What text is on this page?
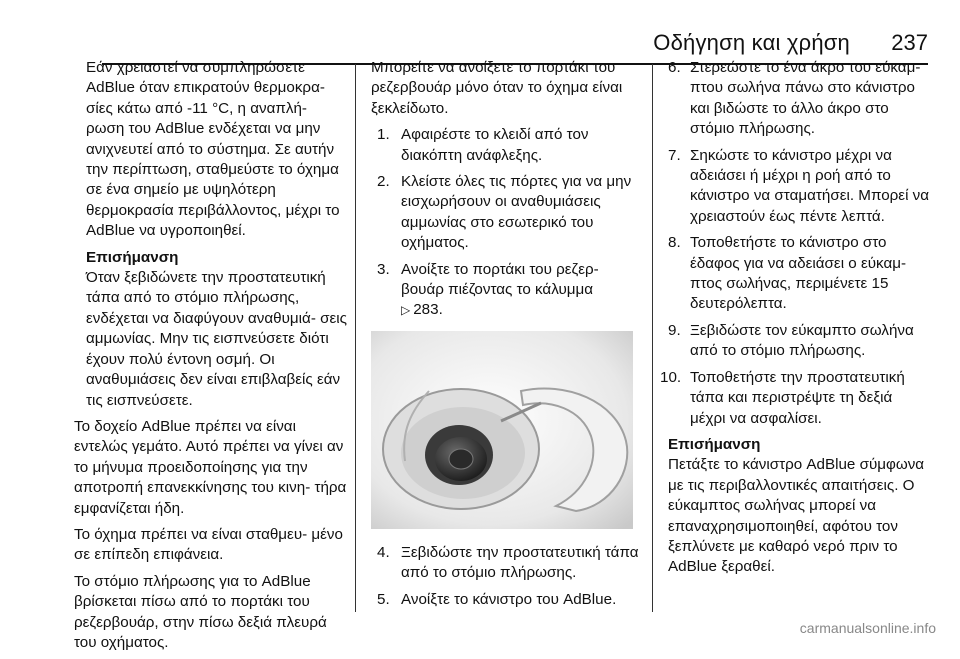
Οδήγηση και χρήση 237

Εάν χρειαστεί να συμπληρώσετε AdBlue όταν επικρατούν θερμοκρα- σίες κάτω από -11 °C, η αναπλή- ρωση του AdBlue ενδέχεται να μην ανιχνευτεί από το σύστημα. Σε αυτήν την περίπτωση, σταθμεύστε το όχημα σε ένα σημείο με υψηλότερη θερμοκρασία περιβάλλοντος, μέχρι το AdBlue να υγροποιηθεί.

Επισήμανση
Όταν ξεβιδώνετε την προστατευτική τάπα από το στόμιο πλήρωσης, ενδέχεται να διαφύγουν αναθυμιά- σεις αμμωνίας. Μην τις εισπνεύσετε διότι έχουν πολύ έντονη οσμή. Οι αναθυμιάσεις δεν είναι επιβλαβείς εάν τις εισπνεύσετε.

Το δοχείο AdBlue πρέπει να είναι εντελώς γεμάτο. Αυτό πρέπει να γίνει αν το μήνυμα προειδοποίησης για την αποτροπή επανεκκίνησης του κινη- τήρα εμφανίζεται ήδη.

Το όχημα πρέπει να είναι σταθμευ- μένο σε επίπεδη επιφάνεια.

Το στόμιο πλήρωσης για το AdBlue βρίσκεται πίσω από το πορτάκι του ρεζερβουάρ, στην πίσω δεξιά πλευρά του οχήματος.

Μπορείτε να ανοίξετε το πορτάκι του ρεζερβουάρ μόνο όταν το όχημα είναι ξεκλείδωτο.

1. Αφαιρέστε το κλειδί από τον διακόπτη ανάφλεξης.
2. Κλείστε όλες τις πόρτες για να μην εισχωρήσουν οι αναθυμιάσεις αμμωνίας στο εσωτερικό του οχήματος.
3. Ανοίξτε το πορτάκι του ρεζερ- βουάρ πιέζοντας το κάλυμμα
▷ 283.
4. Ξεβιδώστε την προστατευτική τάπα από το στόμιο πλήρωσης.
5. Ανοίξτε το κάνιστρο του AdBlue.
6. Στερεώστε το ένα άκρο του εύκαμ- πτου σωλήνα πάνω στο κάνιστρο και βιδώστε το άλλο άκρο στο στόμιο πλήρωσης.
7. Σηκώστε το κάνιστρο μέχρι να αδειάσει ή μέχρι η ροή από το κάνιστρο να σταματήσει. Μπορεί να χρειαστούν έως πέντε λεπτά.
8. Τοποθετήστε το κάνιστρο στο έδαφος για να αδειάσει ο εύκαμ- πτος σωλήνας, περιμένετε 15 δευτερόλεπτα.
9. Ξεβιδώστε τον εύκαμπτο σωλήνα από το στόμιο πλήρωσης.
10. Τοποθετήστε την προστατευτική τάπα και περιστρέψτε τη δεξιά μέχρι να ασφαλίσει.
Επισήμανση
Πετάξτε το κάνιστρο AdBlue σύμφωνα με τις περιβαλλοντικές απαιτήσεις. Ο εύκαμπτος σωλήνας μπορεί να επαναχρησιμοποιηθεί, αφότου τον ξεπλύνετε με καθαρό νερό πριν το AdBlue ξεραθεί.
carmanualsonline.info
